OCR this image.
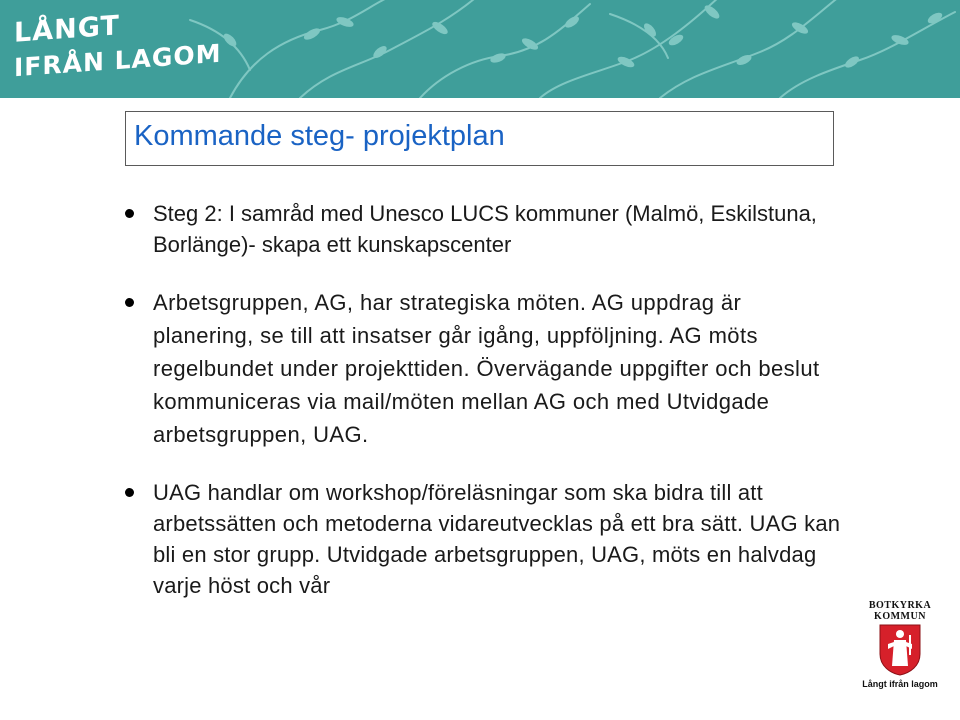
LÅNGT
IFRÅN LAGOM
Kommande steg- projektplan
Steg 2: I samråd med Unesco LUCS kommuner (Malmö, Eskilstuna, Borlänge)- skapa ett kunskapscenter
Arbetsgruppen, AG, har strategiska möten. AG uppdrag är planering, se till att insatser går igång, uppföljning. AG möts regelbundet under projekttiden. Övervägande uppgifter och beslut kommuniceras via mail/möten mellan AG och med Utvidgade arbetsgruppen, UAG.
UAG handlar om workshop/föreläsningar som ska bidra till att arbetssätten och metoderna vidareutvecklas på ett bra sätt. UAG kan bli en stor grupp. Utvidgade arbetsgruppen, UAG, möts en halvdag varje höst och vår
BOTKYRKA
KOMMUN
Långt ifrån lagom
